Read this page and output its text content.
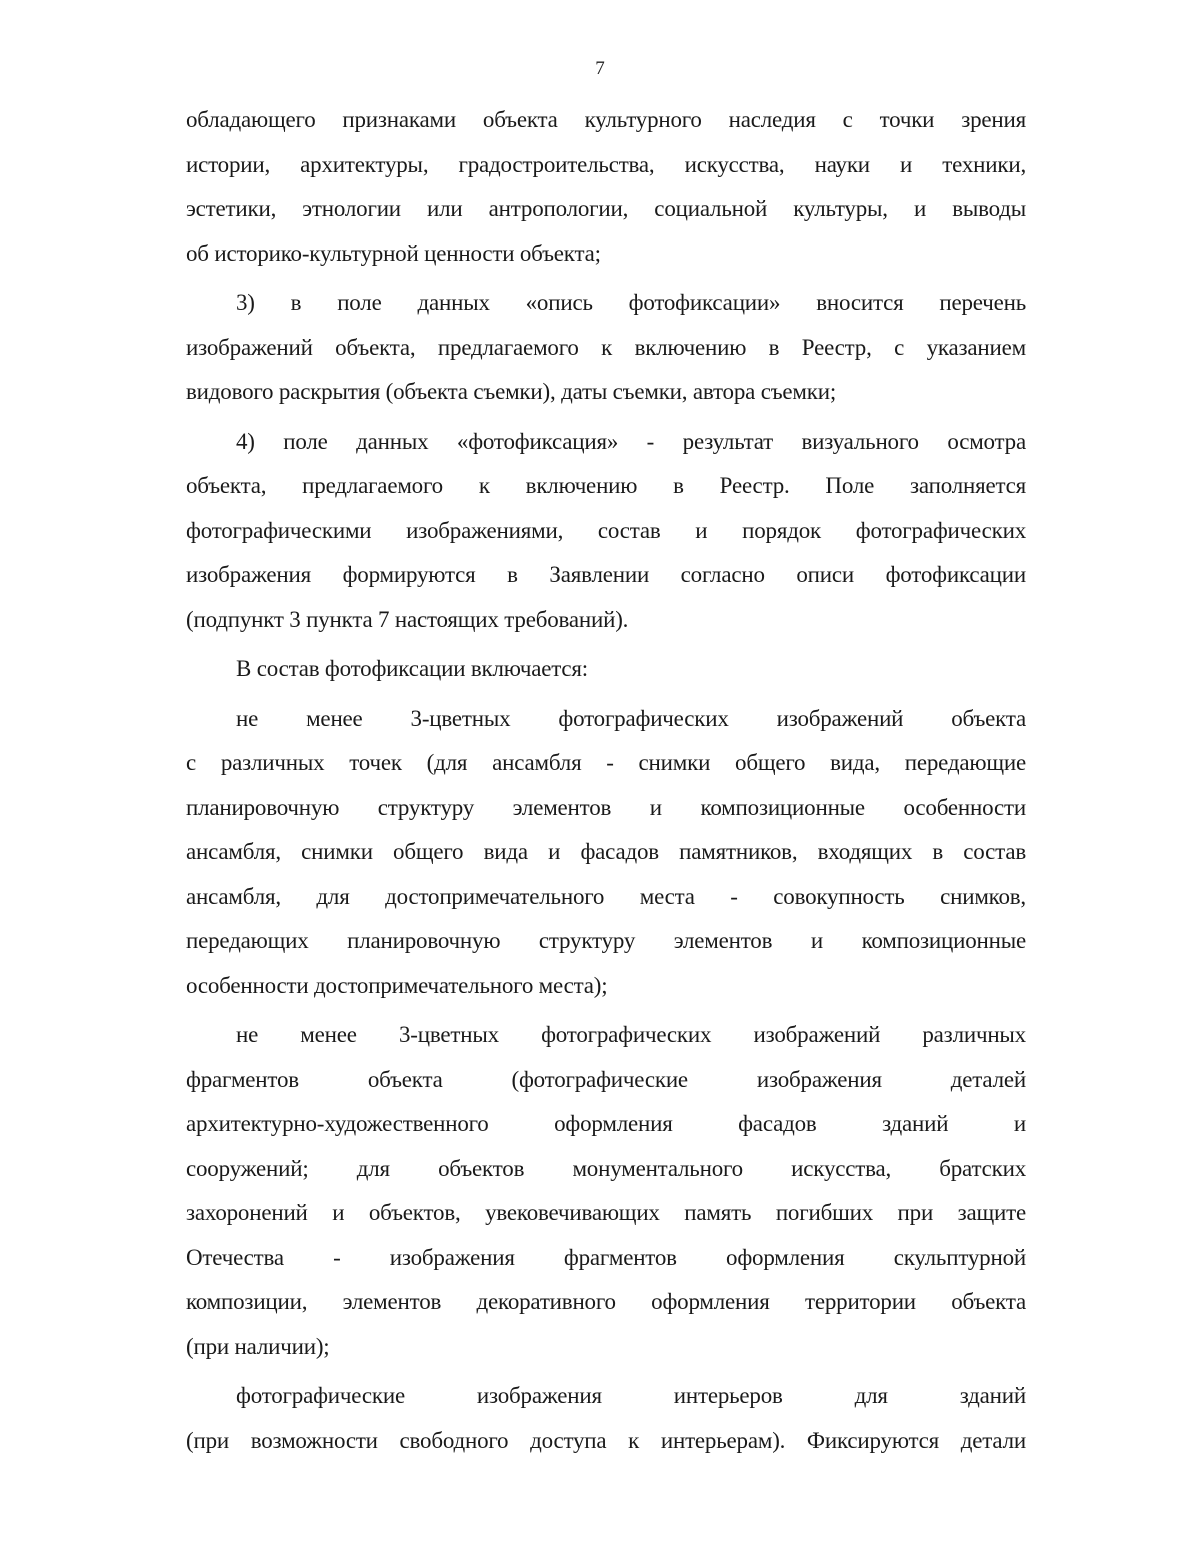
7
обладающего признаками объекта культурного наследия с точки зрения
истории, архитектуры, градостроительства, искусства, науки и техники,
эстетики, этнологии или антропологии, социальной культуры, и выводы
об историко-культурной ценности объекта;
3) в поле данных «опись фотофиксации» вносится перечень
изображений объекта, предлагаемого к включению в Реестр, с указанием
видового раскрытия (объекта съемки), даты съемки, автора съемки;
4) поле данных «фотофиксация» - результат визуального осмотра
объекта, предлагаемого к включению в Реестр. Поле заполняется
фотографическими изображениями, состав и порядок фотографических
изображения формируются в Заявлении согласно описи фотофиксации
(подпункт 3 пункта 7 настоящих требований).
В состав фотофиксации включается:
не менее 3-цветных фотографических изображений объекта
с различных точек (для ансамбля - снимки общего вида, передающие
планировочную структуру элементов и композиционные особенности
ансамбля, снимки общего вида и фасадов памятников, входящих в состав
ансамбля, для достопримечательного места - совокупность снимков,
передающих планировочную структуру элементов и композиционные
особенности достопримечательного места);
не менее 3-цветных фотографических изображений различных
фрагментов объекта (фотографические изображения деталей
архитектурно-художественного оформления фасадов зданий и
сооружений; для объектов монументального искусства, братских
захоронений и объектов, увековечивающих память погибших при защите
Отечества - изображения фрагментов оформления скульптурной
композиции, элементов декоративного оформления территории объекта
(при наличии);
фотографические изображения интерьеров для зданий
(при возможности свободного доступа к интерьерам). Фиксируются детали
